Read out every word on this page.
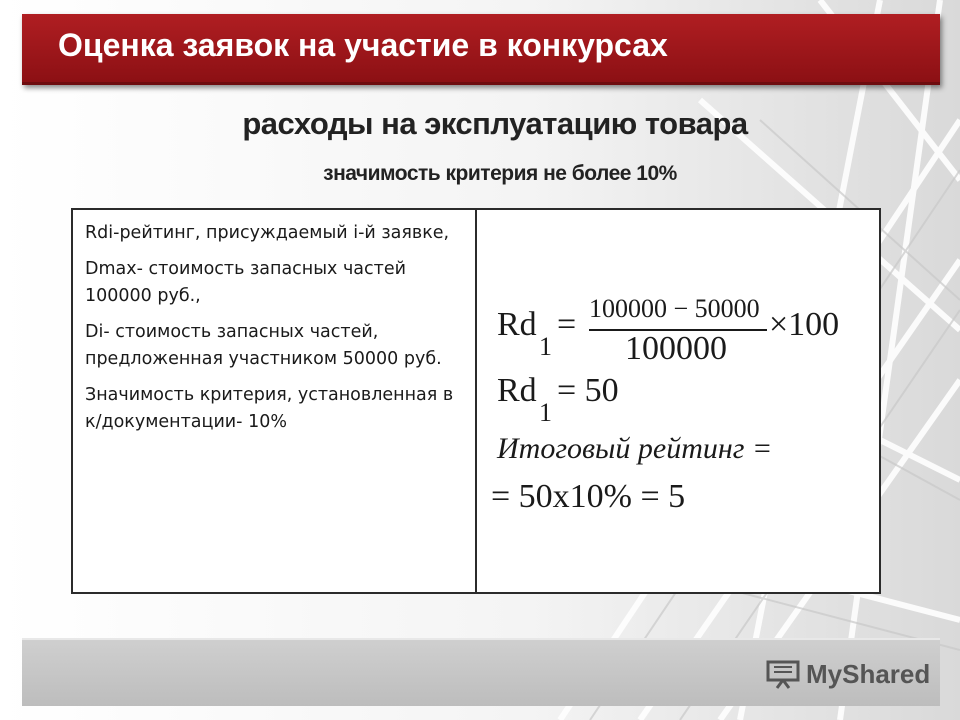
Оценка заявок на участие в конкурсах
расходы на эксплуатацию товара
значимость критерия не более 10%

Rdi-рейтинг, присуждаемый i-й заявке,

Dmax- стоимость запасных частей 100000 руб.,

Di- стоимость запасных частей, предложенная участником 50000 руб.

Значимость критерия, установленная в к/документации- 10%

Rd
1
= 100000 − 50000
100000
×100
Rd
1
= 50
Итоговый рейтинг =
= 50x10% = 5
MyShared
